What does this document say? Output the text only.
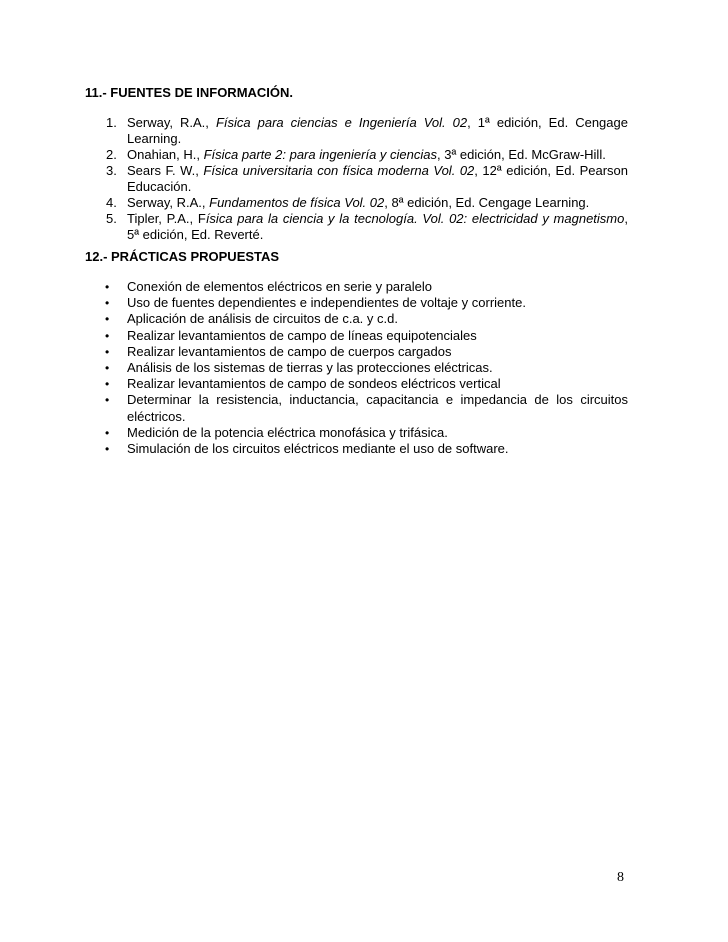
11.- FUENTES DE INFORMACIÓN.
1. Serway, R.A., Física para ciencias e Ingeniería Vol. 02, 1ª edición, Ed. Cengage Learning.
2. Onahian, H., Física parte 2: para ingeniería y ciencias, 3ª edición, Ed. McGraw-Hill.
3. Sears F. W., Física universitaria con física moderna Vol. 02, 12ª edición, Ed. Pearson Educación.
4. Serway, R.A., Fundamentos de física Vol. 02, 8ª edición, Ed. Cengage Learning.
5. Tipler, P.A., Física para la ciencia y la tecnología. Vol. 02: electricidad y magnetismo, 5ª edición, Ed. Reverté.
12.- PRÁCTICAS PROPUESTAS
• Conexión de elementos eléctricos en serie y paralelo
• Uso de fuentes dependientes e independientes de voltaje y corriente.
• Aplicación de análisis de circuitos de c.a. y c.d.
• Realizar levantamientos de campo de líneas equipotenciales
• Realizar levantamientos de campo de cuerpos cargados
• Análisis de los sistemas de tierras y las protecciones eléctricas.
• Realizar levantamientos de campo de sondeos eléctricos vertical
• Determinar la resistencia, inductancia, capacitancia e impedancia de los circuitos eléctricos.
• Medición de la potencia eléctrica monofásica y trifásica.
• Simulación de los circuitos eléctricos mediante el uso de software.
8
